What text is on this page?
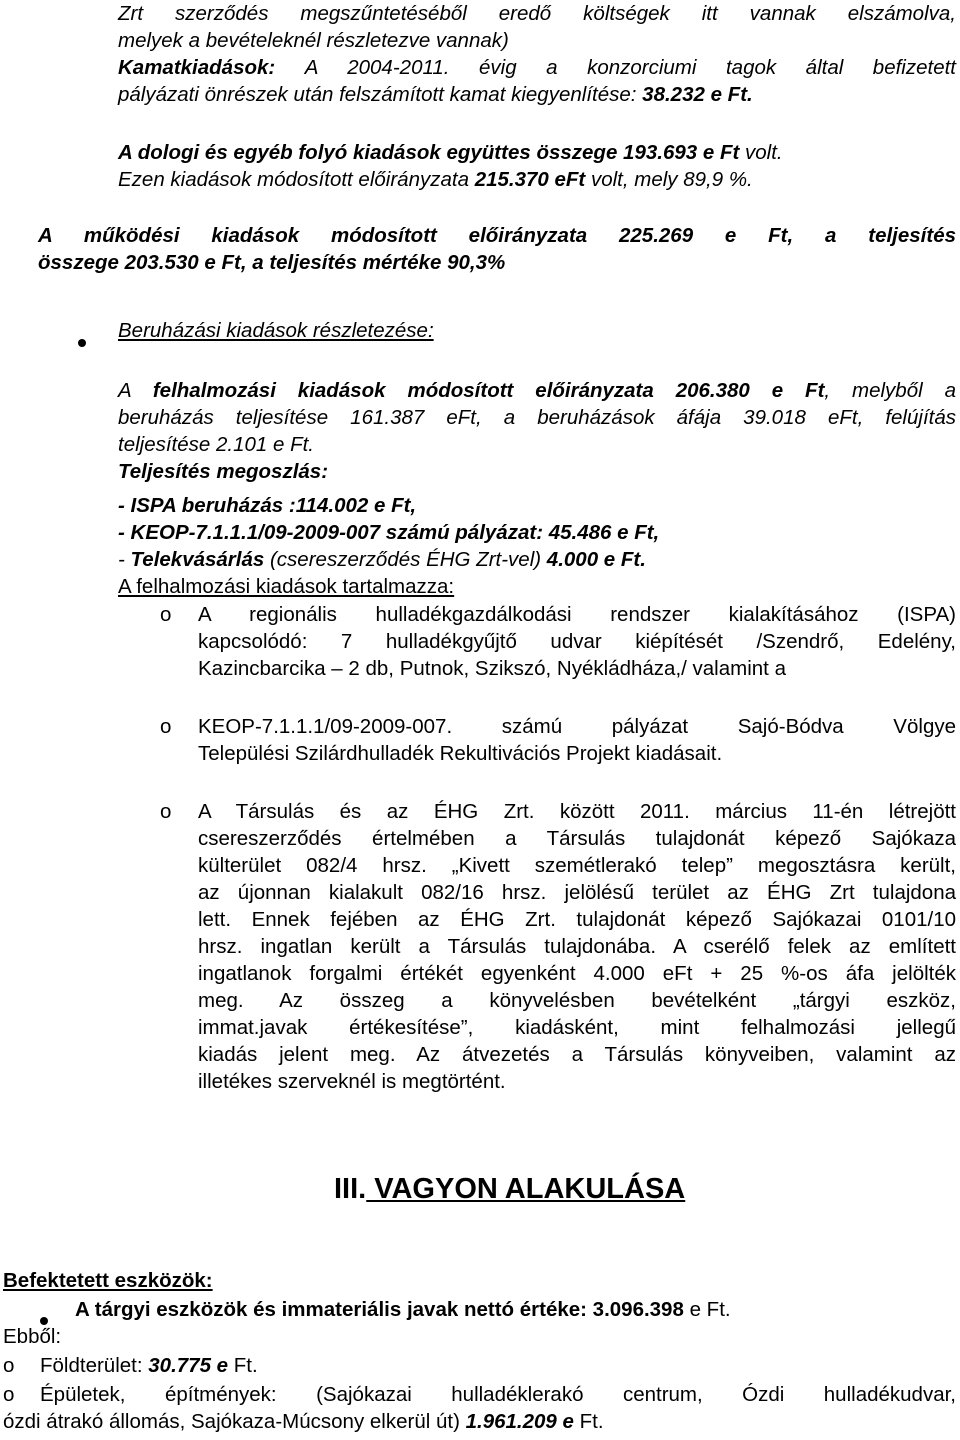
Zrt szerződés megszűntetéséből eredő költségek itt vannak elszámolva,
melyek a bevételeknél részletezve vannak)
Kamatkiadások: A 2004-2011. évig a konzorciumi tagok által befizetett
pályázati önrészek után felszámított kamat kiegyenlítése: 38.232 e Ft.
A dologi és egyéb folyó kiadások együttes összege 193.693 e Ft volt.
Ezen kiadások módosított előirányzata 215.370 eFt volt, mely 89,9 %.
A működési kiadások módosított előirányzata 225.269 e Ft, a teljesítés
összege 203.530 e Ft, a teljesítés mértéke 90,3%
Beruházási kiadások részletezése:
A felhalmozási kiadások módosított előirányzata 206.380 e Ft, melyből a
beruházás teljesítése 161.387 eFt, a beruházások áfája 39.018 eFt, felújítás
teljesítése 2.101 e Ft.
Teljesítés megoszlás:
- ISPA beruházás :114.002 e Ft,
- KEOP-7.1.1.1/09-2009-007 számú pályázat: 45.486 e Ft,
- Telekvásárlás (csereszerződés ÉHG Zrt-vel) 4.000 e Ft.
A felhalmozási kiadások tartalmazza:
o A regionális hulladékgazdálkodási rendszer kialakításához (ISPA)
kapcsolódó: 7 hulladékgyűjtő udvar kiépítését /Szendrő, Edelény,
Kazincbarcika – 2 db, Putnok, Szikszó, Nyékládháza,/ valamint a
o KEOP-7.1.1.1/09-2009-007. számú pályázat Sajó-Bódva Völgye
Települési Szilárdhulladék Rekultivációs Projekt kiadásait.
o A Társulás és az ÉHG Zrt. között 2011. március 11-én létrejött
csereszerződés értelmében a Társulás tulajdonát képező Sajókaza
külterület 082/4 hrsz. „Kivett szemétlerakó telep” megosztásra került,
az újonnan kialakult 082/16 hrsz. jelölésű terület az ÉHG Zrt tulajdona
lett. Ennek fejében az ÉHG Zrt. tulajdonát képező Sajókazai 0101/10
hrsz. ingatlan került a Társulás tulajdonába. A cserélő felek az említett
ingatlanok forgalmi értékét egyenként 4.000 eFt + 25 %-os áfa jelölték
meg. Az összeg a könyvelésben bevételként „tárgyi eszköz,
immat.javak értékesítése”, kiadásként, mint felhalmozási jellegű
kiadás jelent meg. Az átvezetés a Társulás könyveiben, valamint az
illetékes szerveknél is megtörtént.
III. VAGYON ALAKULÁSA
Befektetett eszközök:
A tárgyi eszközök és immateriális javak nettó értéke: 3.096.398 e Ft.
Ebből:
o Földterület: 30.775 e Ft.
o Épületek, építmények: (Sajókazai hulladéklerakó centrum, Ózdi hulladékudvar,
ózdi átrakó állomás, Sajókaza-Múcsony elkerül út) 1.961.209 e Ft.
